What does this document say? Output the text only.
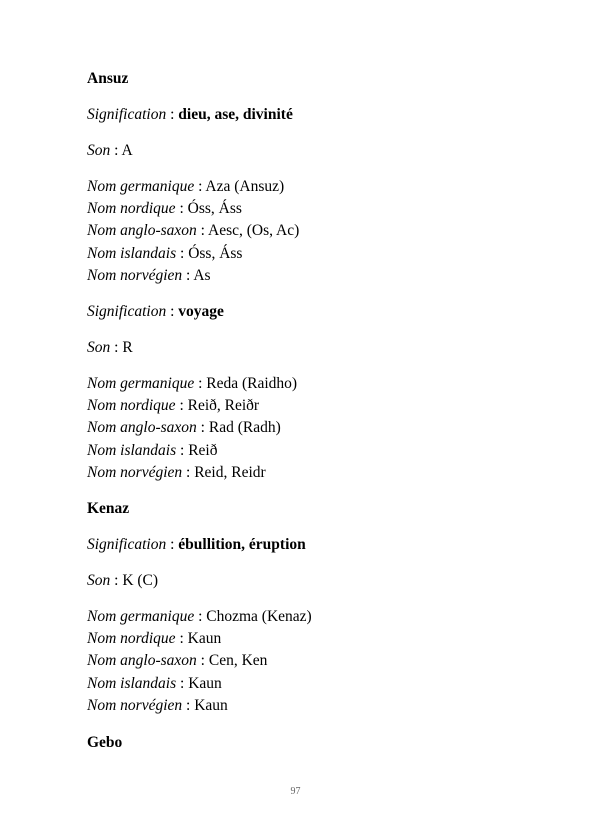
Ansuz
Signification : dieu, ase, divinité
Son : A
Nom germanique : Aza (Ansuz)
Nom nordique : Óss, Áss
Nom anglo-saxon : Aesc, (Os, Ac)
Nom islandais : Óss, Áss
Nom norvégien : As
Signification : voyage
Son : R
Nom germanique : Reda (Raidho)
Nom nordique : Reið, Reiðr
Nom anglo-saxon : Rad (Radh)
Nom islandais : Reið
Nom norvégien : Reid, Reidr
Kenaz
Signification : ébullition, éruption
Son : K (C)
Nom germanique : Chozma (Kenaz)
Nom nordique : Kaun
Nom anglo-saxon : Cen, Ken
Nom islandais : Kaun
Nom norvégien : Kaun
Gebo
97
